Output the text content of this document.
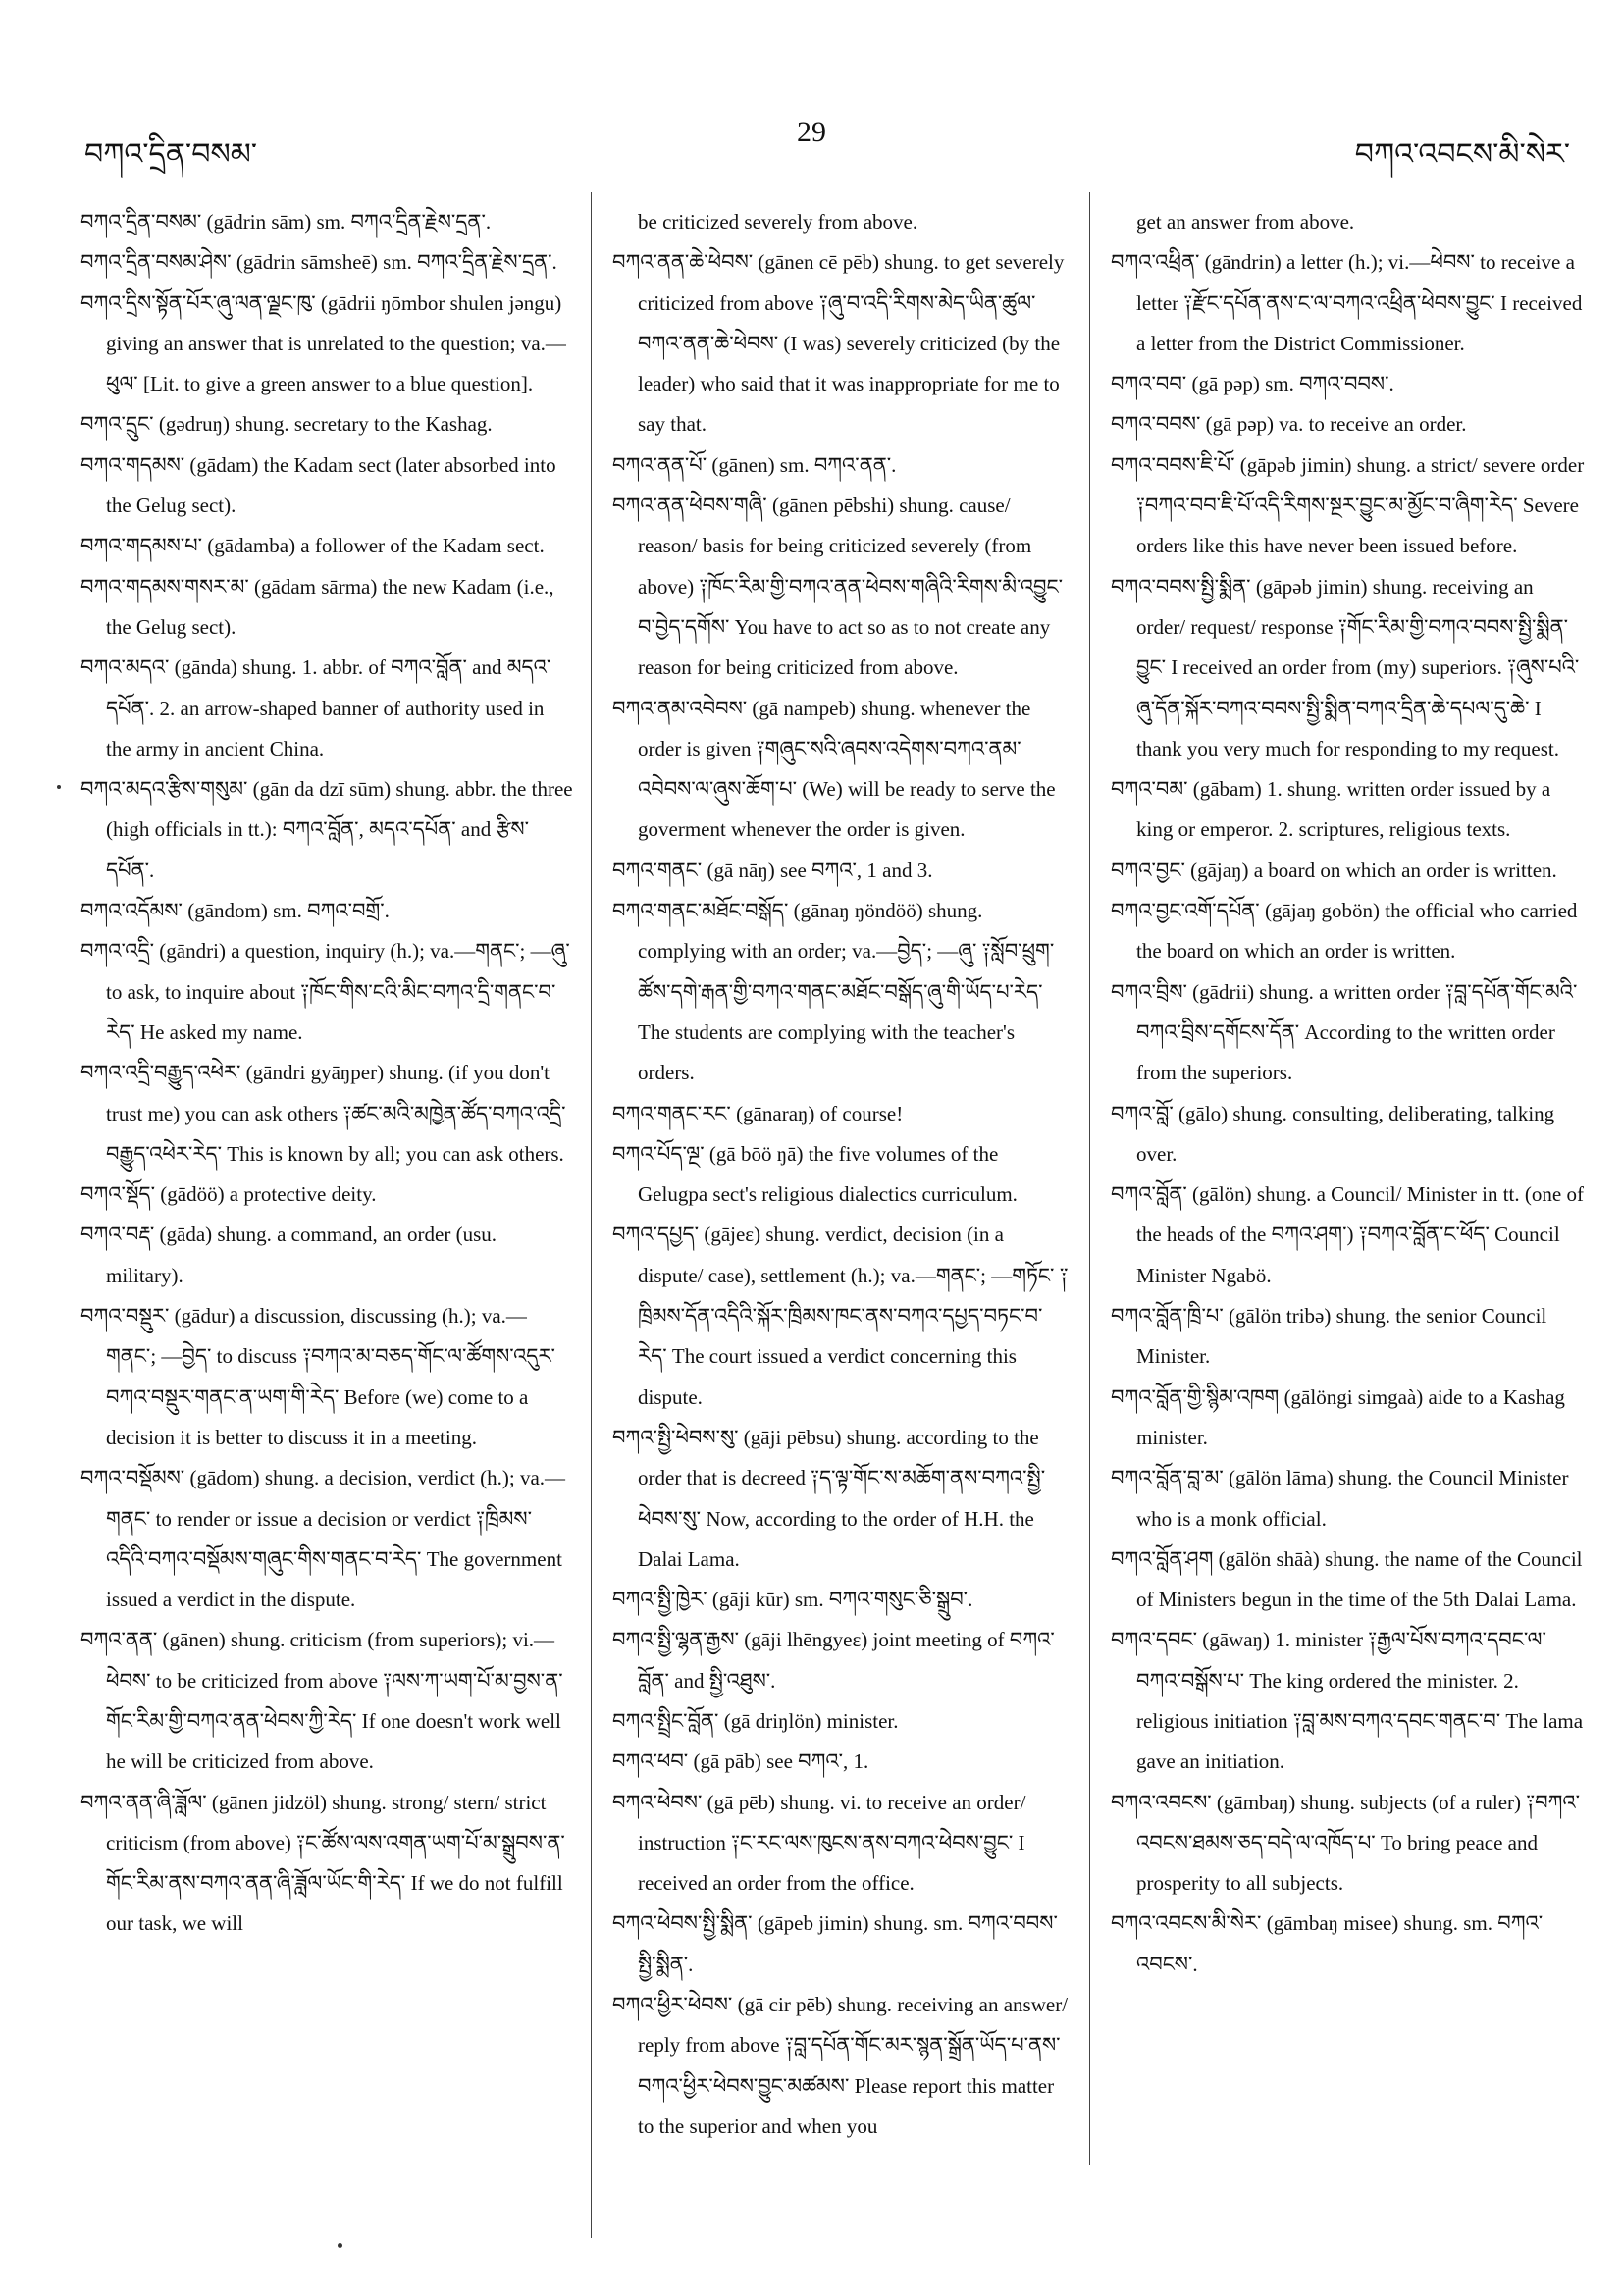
བཀའ་དྲིན་བསམ་
29
བཀའ་འབངས་མི་སེར་

བཀའ་དྲིན་བསམ་ (gādrin sām) sm. བཀའ་དྲིན་རྗེས་དྲན་.

བཀའ་དྲིན་བསམ་ཤེས་ (gādrin sāmsheē) sm. བཀའ་དྲིན་རྗེས་དྲན་.

བཀའ་དྲིས་སྟོན་པོར་ཞུ་ལན་ལྗང་ཁུ་ (gādrii ŋōmbor shulen jəngu) giving an answer that is unrelated to the question; va.—ཕུལ་ [Lit. to give a green answer to a blue question].

བཀའ་དྲུང་ (gədruŋ) shung. secretary to the Kashag.

བཀའ་གདམས་ (gādam) the Kadam sect (later absorbed into the Gelug sect).

བཀའ་གདམས་པ་ (gādamba) a follower of the Kadam sect.

བཀའ་གདམས་གསར་མ་ (gādam sārma) the new Kadam (i.e., the Gelug sect).

བཀའ་མདའ་ (gānda) shung. 1. abbr. of བཀའ་བློན་ and མདའ་དཔོན་. 2. an arrow-shaped banner of authority used in the army in ancient China.

བཀའ་མདའ་རྩིས་གསུམ་ (gān da dzī sūm) shung. abbr. the three (high officials in tt.): བཀའ་བློན་, མདའ་དཔོན་ and རྩིས་དཔོན་.

བཀའ་འདོམས་ (gāndom) sm. བཀའ་བགྲོ་.

བཀའ་འདྲི་ (gāndri) a question, inquiry (h.); va.—གནང་; —ཞུ་ to ask, to inquire about ༑ཁོང་གིས་ངའི་མིང་བཀའ་དྲི་གནང་བ་རེད་ He asked my name.

བཀའ་འདྲི་བརྒྱུད་འཕེར་ (gāndri gyāŋper) shung. (if you don't trust me) you can ask others ༑ཚང་མའི་མཁྱེན་ཚོད་བཀའ་འདྲི་བརྒྱུད་འཕེར་རེད་ This is known by all; you can ask others.

བཀའ་སྡོད་ (gādöö) a protective deity.

བཀའ་བརྡ་ (gāda) shung. a command, an order (usu. military).

བཀའ་བསྡུར་ (gādur) a discussion, discussing (h.); va.—གནང་; —བྱེད་ to discuss ༑བཀའ་མ་བཅད་གོང་ལ་ཚོགས་འདུར་བཀའ་བསྡུར་གནང་ན་ཡག་གི་རེད་ Before (we) come to a decision it is better to discuss it in a meeting.

བཀའ་བསྡོམས་ (gādom) shung. a decision, verdict (h.); va.—གནང་ to render or issue a decision or verdict ༑ཁྲིམས་འདིའི་བཀའ་བསྡོམས་གཞུང་གིས་གནང་བ་རེད་ The government issued a verdict in the dispute.

བཀའ་ནན་ (gānen) shung. criticism (from superiors); vi.—ཕེབས་ to be criticized from above ༑ལས་ཀ་ཡག་པོ་མ་བྱས་ན་གོང་རིམ་གྱི་བཀའ་ནན་ཕེབས་ཀྱི་རེད་ If one doesn't work well he will be criticized from above.

བཀའ་ནན་ཞི་ཟློལ་ (gānen jidzöl) shung. strong/ stern/ strict criticism (from above) ༑ང་ཚོས་ལས་འགན་ཡག་པོ་མ་སྒྲུབས་ན་གོང་རིམ་ནས་བཀའ་ནན་ཞི་ཟློལ་ཡོང་གི་རེད་ If we do not fulfill our task, we will

be criticized severely from above.

བཀའ་ནན་ཆེ་ཕེབས་ (gānen cē pēb) shung. to get severely criticized from above ༑ཞུ་བ་འདི་རིགས་མེད་ཡིན་ཚུལ་བཀའ་ནན་ཆེ་ཕེབས་ (I was) severely criticized (by the leader) who said that it was inappropriate for me to say that.

བཀའ་ནན་པོ་ (gānen) sm. བཀའ་ནན་.

བཀའ་ནན་ཕེབས་གཞི་ (gānen pēbshi) shung. cause/ reason/ basis for being criticized severely (from above) ༑ཁོང་རིམ་གྱི་བཀའ་ནན་ཕེབས་གཞིའི་རིགས་མི་འབྱུང་བ་བྱེད་དགོས་ You have to act so as to not create any reason for being criticized from above.

བཀའ་ནམ་འབེབས་ (gā nampeb) shung. whenever the order is given ༑གཞུང་སའི་ཞབས་འདེགས་བཀའ་ནམ་འབེབས་ལ་ཞུས་ཆོག་པ་ (We) will be ready to serve the goverment whenever the order is given.

བཀའ་གནང་ (gā nāŋ) see བཀའ་, 1 and 3.

བཀའ་གནང་མཐོང་བསྒོད་ (gānaŋ ŋöndöö) shung. complying with an order; va.—བྱེད་; —ཞུ་ ༑སློབ་ཕྲུག་ཚོས་དགེ་རྒན་གྱི་བཀའ་གནང་མཐོང་བསྒོད་ཞུ་གི་ཡོད་པ་རེད་ The students are complying with the teacher's orders.

བཀའ་གནང་རང་ (gānaraŋ) of course!

བཀའ་པོད་ལྔ་ (gā bōö ŋā) the five volumes of the Gelugpa sect's religious dialectics curriculum.

བཀའ་དཔྱད་ (gājeε) shung. verdict, decision (in a dispute/ case), settlement (h.); va.—གནང་; —གཏོང་ ༑ཁྲིམས་དོན་འདིའི་སྐོར་ཁྲིམས་ཁང་ནས་བཀའ་དཔྱད་བཏང་བ་རེད་ The court issued a verdict concerning this dispute.

བཀའ་སྤྱི་ཕེབས་སུ་ (gāji pēbsu) shung. according to the order that is decreed ༑ད་ལྟ་གོང་ས་མཆོག་ནས་བཀའ་སྤྱི་ཕེབས་སུ་ Now, according to the order of H.H. the Dalai Lama.

བཀའ་སྤྱི་ཁྱེར་ (gāji kūr) sm. བཀའ་གསུང་ཅི་སྒྲུབ་.

བཀའ་སྤྱི་ལྷན་རྒྱས་ (gāji lhēngyeε) joint meeting of བཀའ་བློན་ and སྤྱི་འཐུས་.

བཀའ་སྤྲིང་བློན་ (gā driŋlön) minister.

བཀའ་ཕབ་ (gā pāb) see བཀའ་, 1.

བཀའ་ཕེབས་ (gā pēb) shung. vi. to receive an order/ instruction ༑ང་རང་ལས་ཁུངས་ནས་བཀའ་ཕེབས་བྱུང་ I received an order from the office.

བཀའ་ཕེབས་སྤྱི་སྨིན་ (gāpeb jimin) shung. sm. བཀའ་བབས་སྤྱི་སྨིན་.

བཀའ་ཕྱིར་ཕེབས་ (gā cir pēb) shung. receiving an answer/ reply from above ༑བླ་དཔོན་གོང་མར་སྙན་སྒྲོན་ཡོད་པ་ནས་བཀའ་ཕྱིར་ཕེབས་བྱུང་མཚམས་ Please report this matter to the superior and when you

get an answer from above.

བཀའ་འཕྲིན་ (gāndrin) a letter (h.); vi.—ཕེབས་ to receive a letter ༑རྫོང་དཔོན་ནས་ང་ལ་བཀའ་འཕྲིན་ཕེབས་བྱུང་ I received a letter from the District Commissioner.

བཀའ་བབ་ (gā pəp) sm. བཀའ་བབས་.

བཀའ་བབས་ (gā pəp) va. to receive an order.

བཀའ་བབས་ཇི་པོ་ (gāpəb jimin) shung. a strict/ severe order ༑བཀའ་བབ་ཇི་པོ་འདི་རིགས་སྔར་བྱུང་མ་མྱོང་བ་ཞིག་རེད་ Severe orders like this have never been issued before.

བཀའ་བབས་སྤྱི་སྨིན་ (gāpəb jimin) shung. receiving an order/ request/ response ༑གོང་རིམ་གྱི་བཀའ་བབས་སྤྱི་སྨིན་བྱུང་ I received an order from (my) superiors. ༑ཞུས་པའི་ཞུ་དོན་སྐོར་བཀའ་བབས་སྤྱི་སྨིན་བཀའ་དྲིན་ཆེ་དཔལ་དུ་ཆེ་ I thank you very much for responding to my request.

བཀའ་བམ་ (gābam) 1. shung. written order issued by a king or emperor. 2. scriptures, religious texts.

བཀའ་བྱང་ (gājaŋ) a board on which an order is written.

བཀའ་བྱང་འགོ་དཔོན་ (gājaŋ gobön) the official who carried the board on which an order is written.

བཀའ་བྲིས་ (gādrii) shung. a written order ༑བླ་དཔོན་གོང་མའི་བཀའ་བྲིས་དགོངས་དོན་ According to the written order from the superiors.

བཀའ་བློ་ (gālo) shung. consulting, deliberating, talking over.

བཀའ་བློན་ (gālön) shung. a Council/ Minister in tt. (one of the heads of the བཀའ་ཤག་) ༑བཀའ་བློན་ང་ཕོད་ Council Minister Ngabö.

བཀའ་བློན་ཁྲི་པ་ (gālön tribə) shung. the senior Council Minister.

བཀའ་བློན་གྱི་སྙིམ་འཁག (gālöngi simgaà) aide to a Kashag minister.

བཀའ་བློན་བླ་མ་ (gālön lāma) shung. the Council Minister who is a monk official.

བཀའ་བློན་ཤག (gālön shāà) shung. the name of the Council of Ministers begun in the time of the 5th Dalai Lama.

བཀའ་དབང་ (gāwaŋ) 1. minister ༑རྒྱལ་པོས་བཀའ་དབང་ལ་བཀའ་བསྒོས་པ་ The king ordered the minister. 2. religious initiation ༑བླ་མས་བཀའ་དབང་གནང་བ་ The lama gave an initiation.

བཀའ་འབངས་ (gāmbaŋ) shung. subjects (of a ruler) ༑བཀའ་འབངས་ཐམས་ཅད་བདེ་ལ་འཁོད་པ་ To bring peace and prosperity to all subjects.

བཀའ་འབངས་མི་སེར་ (gāmbaŋ misee) shung. sm. བཀའ་འབངས་.
